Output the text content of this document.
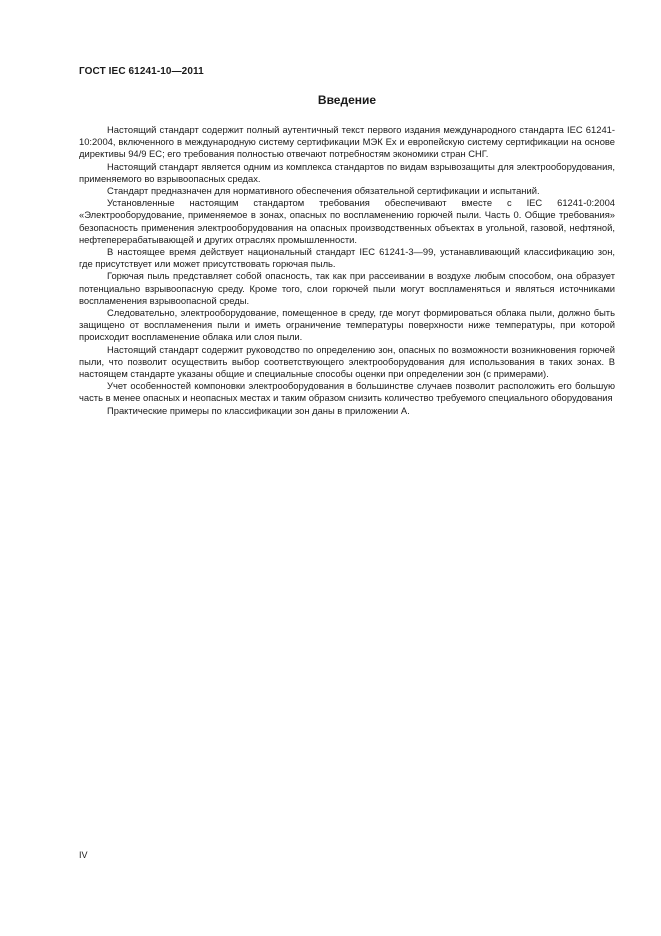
ГОСТ IEC 61241-10—2011
Введение

Настоящий стандарт содержит полный аутентичный текст первого издания международного стандарта IEC 61241-10:2004, включенного в международную систему сертификации МЭК Ex и европейскую систему сертификации на основе директивы 94/9 ЕС; его требования полностью отвечают потребностям экономики стран СНГ.

Настоящий стандарт является одним из комплекса стандартов по видам взрывозащиты для электрооборудования, применяемого во взрывоопасных средах.

Стандарт предназначен для нормативного обеспечения обязательной сертификации и испытаний.

Установленные настоящим стандартом требования обеспечивают вместе с IEC 61241-0:2004 «Электрооборудование, применяемое в зонах, опасных по воспламенению горючей пыли. Часть 0. Общие требования» безопасность применения электрооборудования на опасных производственных объектах в угольной, газовой, нефтяной, нефтеперерабатывающей и других отраслях промышленности.

В настоящее время действует национальный стандарт IEC 61241-3—99, устанавливающий классификацию зон, где присутствует или может присутствовать горючая пыль.

Горючая пыль представляет собой опасность, так как при рассеивании в воздухе любым способом, она образует потенциально взрывоопасную среду. Кроме того, слои горючей пыли могут воспламеняться и являться источниками воспламенения взрывоопасной среды.

Следовательно, электрооборудование, помещенное в среду, где могут формироваться облака пыли, должно быть защищено от воспламенения пыли и иметь ограничение температуры поверхности ниже температуры, при которой происходит воспламенение облака или слоя пыли.

Настоящий стандарт содержит руководство по определению зон, опасных по возможности возникновения горючей пыли, что позволит осуществить выбор соответствующего электрооборудования для использования в таких зонах. В настоящем стандарте указаны общие и специальные способы оценки при определении зон (с примерами).

Учет особенностей компоновки электрооборудования в большинстве случаев позволит расположить его большую часть в менее опасных и неопасных местах и таким образом снизить количество требуемого специального оборудования

Практические примеры по классификации зон даны в приложении А.

IV
